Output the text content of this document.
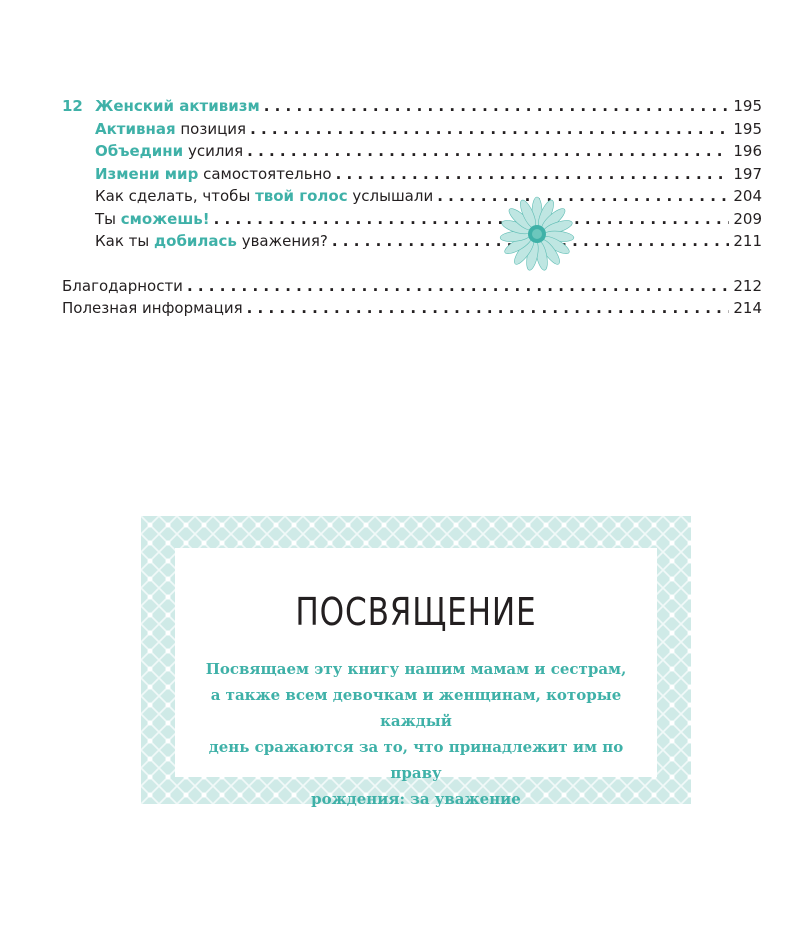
12 Женский активизм . . .	195
Активная позиция . . .	195
Объедини усилия . . .	196
Измени мир самостоятельно . . .	197
Как сделать, чтобы твой голос услышали . . .	204
Ты сможешь! . . .	209
Как ты добилась уважения? . . .	211
Благодарности . . .	212
Полезная информация . . .	214
ПОСВЯЩЕНИЕ
Посвящаем эту книгу нашим мамам и сестрам,
а также всем девочкам и женщинам, которые каждый
день сражаются за то, что принадлежит им по праву
рождения: за уважение
